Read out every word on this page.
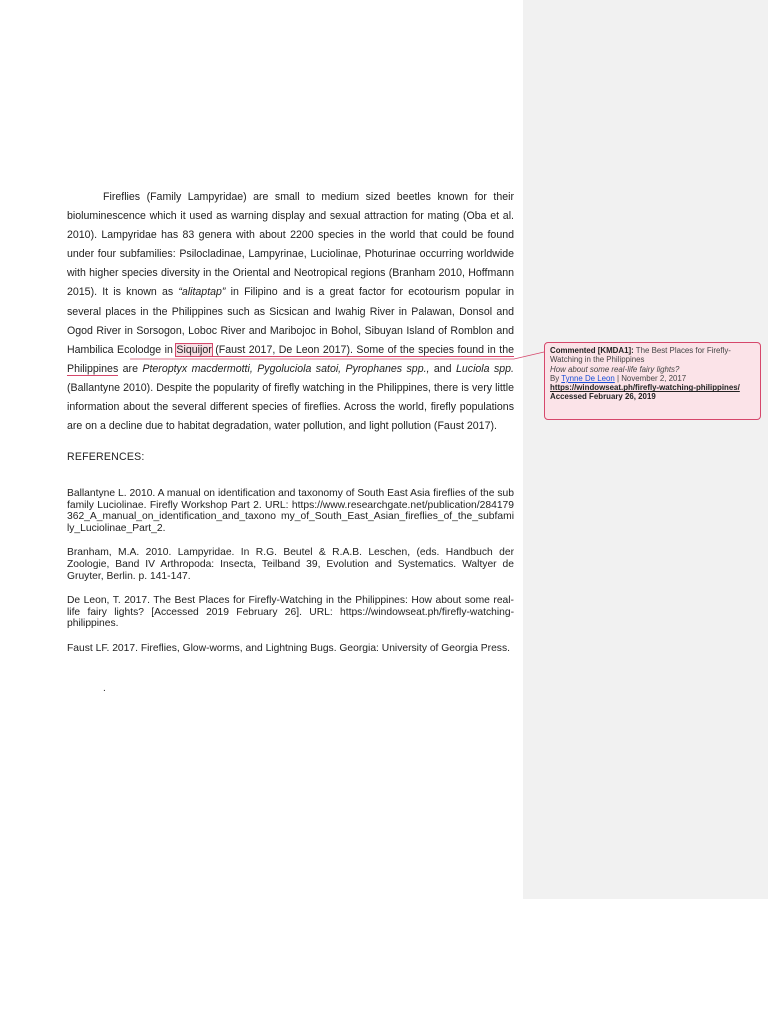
Fireflies (Family Lampyridae) are small to medium sized beetles known for their bioluminescence which it used as warning display and sexual attraction for mating (Oba et al. 2010). Lampyridae has 83 genera with about 2200 species in the world that could be found under four subfamilies: Psilocladinae, Lampyrinae, Luciolinae, Photurinae occurring worldwide with higher species diversity in the Oriental and Neotropical regions (Branham 2010, Hoffmann 2015). It is known as “alitaptap” in Filipino and is a great factor for ecotourism popular in several places in the Philippines such as Sicsican and Iwahig River in Palawan, Donsol and Ogod River in Sorsogon, Loboc River and Maribojoc in Bohol, Sibuyan Island of Romblon and Hambilica Ecolodge in Siquijor (Faust 2017, De Leon 2017). Some of the species found in the Philippines are Pteroptyx macdermotti, Pygoluciola satoi, Pyrophanes spp., and Luciola spp. (Ballantyne 2010). Despite the popularity of firefly watching in the Philippines, there is very little information about the several different species of fireflies. Across the world, firefly populations are on a decline due to habitat degradation, water pollution, and light pollution (Faust 2017).

REFERENCES:

Ballantyne L. 2010. A manual on identification and taxonomy of South East Asia fireflies of the subfamily Luciolinae. Firefly Workshop Part 2. URL: https://www.researchgate.net/publication/284179362_A_manual_on_identification_and_taxono my_of_South_East_Asian_fireflies_of_the_subfamily_Luciolinae_Part_2.

Branham, M.A. 2010. Lampyridae. In R.G. Beutel & R.A.B. Leschen, (eds. Handbuch der Zoologie, Band IV Arthropoda: Insecta, Teilband 39, Evolution and Systematics. Waltyer de Gruyter, Berlin. p. 141-147.

De Leon, T. 2017. The Best Places for Firefly-Watching in the Philippines: How about some real-life fairy lights? [Accessed 2019 February 26]. URL: https://windowseat.ph/firefly-watching-philippines.

Faust LF. 2017. Fireflies, Glow-worms, and Lightning Bugs. Georgia: University of Georgia Press.

.
Commented [KMDA1]: The Best Places for Firefly-Watching in the Philippines
How about some real-life fairy lights?
By Tynne De Leon | November 2, 2017
https://windowseat.ph/firefly-watching-philippines/
Accessed February 26, 2019
